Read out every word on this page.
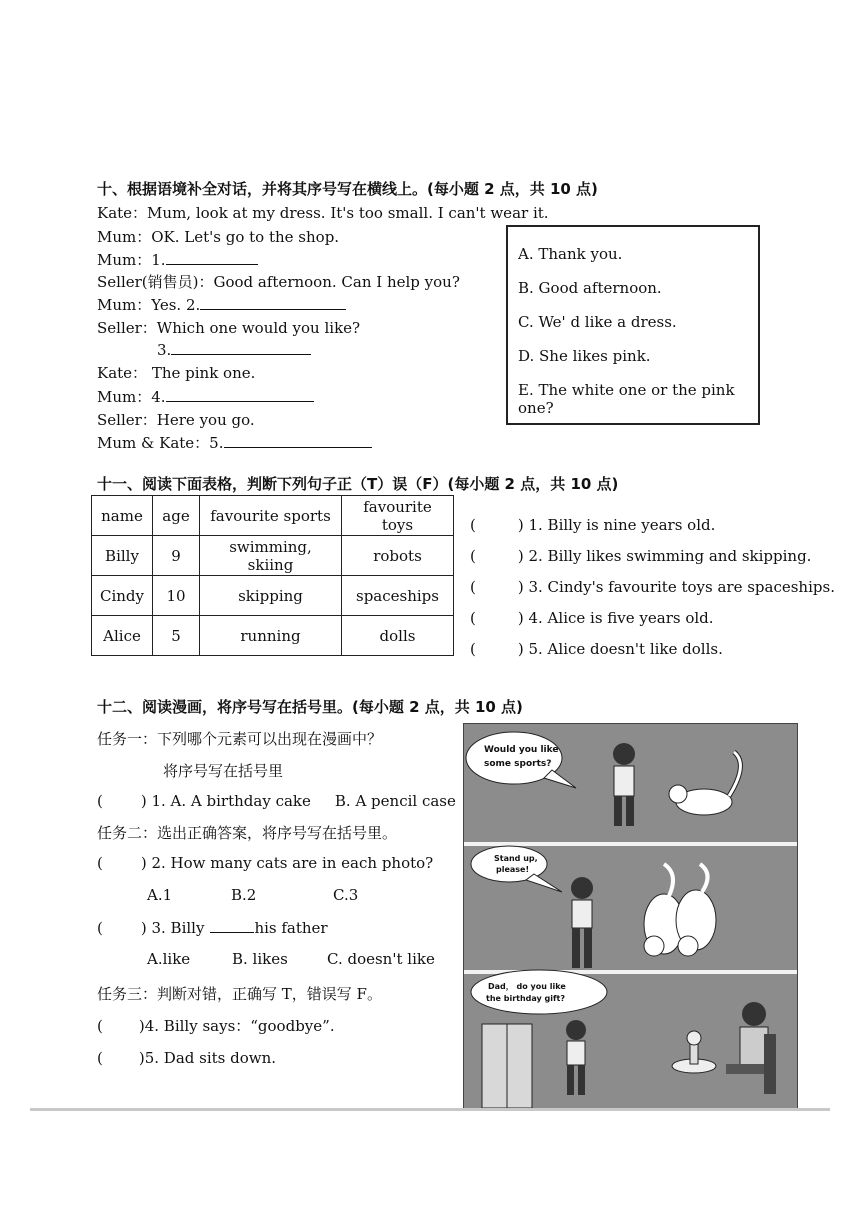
十、根据语境补全对话，并将其序号写在横线上。(每小题 2 点，共 10 点)
Kate：Mum, look at my dress. It's too small. I can't wear it.
Mum：OK. Let's go to the shop.
Mum：1.
Seller(销售员)：Good afternoon. Can I help you?
Mum：Yes. 2.
Seller：Which one would you like?
3.
Kate： The pink one.
Mum：4.
Seller：Here you go.
Mum & Kate：5.
A. Thank you.
B. Good afternoon.
C. We' d like a dress.
D. She likes pink.
E. The white one or the pink one?
十一、阅读下面表格，判断下列句子正（T）误（F）(每小题 2 点，共 10 点)
name	age	favourite sports	favourite toys
Billy	9	swimming, skiing	robots
Cindy	10	skipping	spaceships
Alice	5	running	dolls
(	) 1. Billy is nine years old.
(	) 2. Billy likes swimming and skipping.
(	) 3. Cindy's favourite toys are spaceships.
(	) 4. Alice is five years old.
(	) 5. Alice doesn't like dolls.
十二、阅读漫画，将序号写在括号里。(每小题 2 点，共 10 点)
任务一：下列哪个元素可以出现在漫画中？
将序号写在括号里
(	) 1. A. A birthday cake B. A pencil case
任务二：选出正确答案，将序号写在括号里。
(	) 2. How many cats are in each photo?
A.1	B.2	C.3
(	) 3. Billy	his father
A.like	B. likes	C. doesn't like
任务三：判断对错，正确写 T，错误写 F。
( )4. Billy says：“goodbye”.
( )5. Dad sits down.
Would you like
some sports?
Stand up,
please!
Dad， do you like
the birthday gift?
